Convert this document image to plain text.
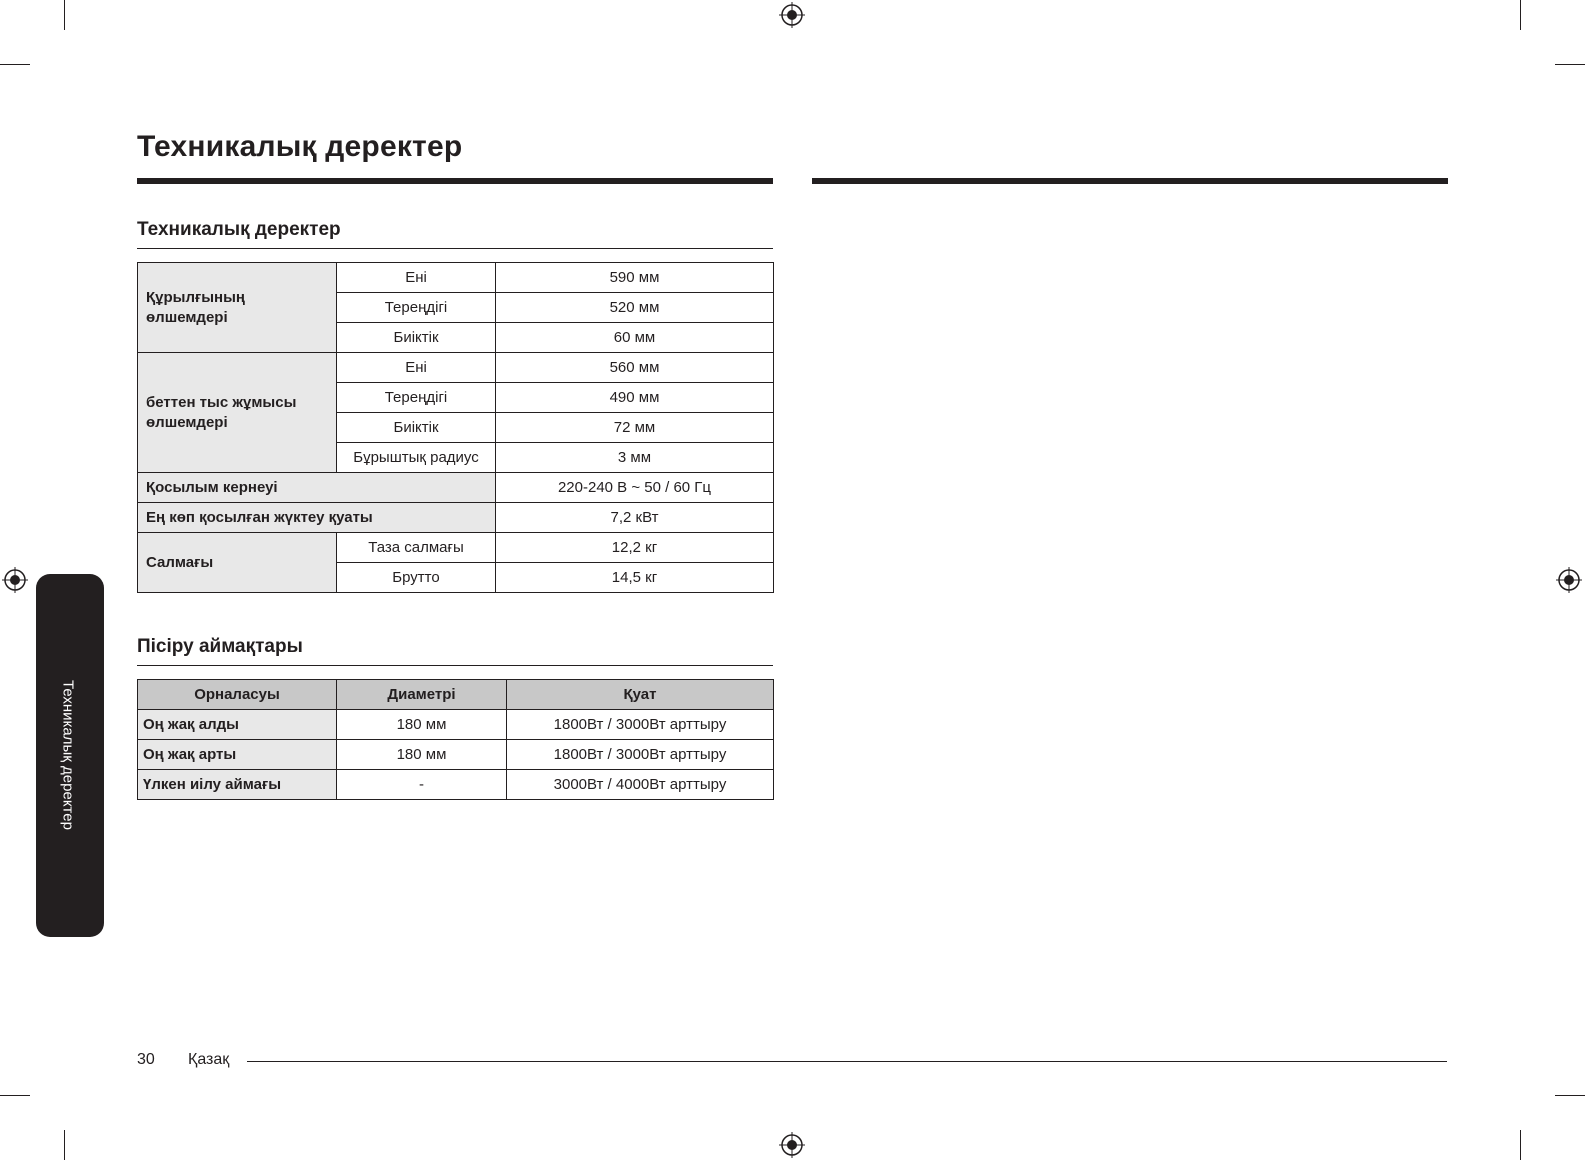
Техникалық деректер
Техникалық деректер
Құрылғының өлшемдері	Ені	590 мм
	Тереңдігі	520 мм
	Биіктік	60 мм
беттен тыс жұмысы өлшемдері	Ені	560 мм
	Тереңдігі	490 мм
	Биіктік	72 мм
	Бұрыштық радиус	3 мм
Қосылым кернеуі		220-240 В ~ 50 / 60 Гц
Ең көп қосылған жүктеу қуаты		7,2 кВт
Салмағы	Таза салмағы	12,2 кг
	Брутто	14,5 кг
Пісіру аймақтары
Орналасуы	Диаметрі	Қуат
Оң жақ алды	180 мм	1800Вт / 3000Вт арттыру
Оң жақ арты	180 мм	1800Вт / 3000Вт арттыру
Үлкен иілу аймағы	-	3000Вт / 4000Вт арттыру
Техникалық деректер
30 Қазақ
